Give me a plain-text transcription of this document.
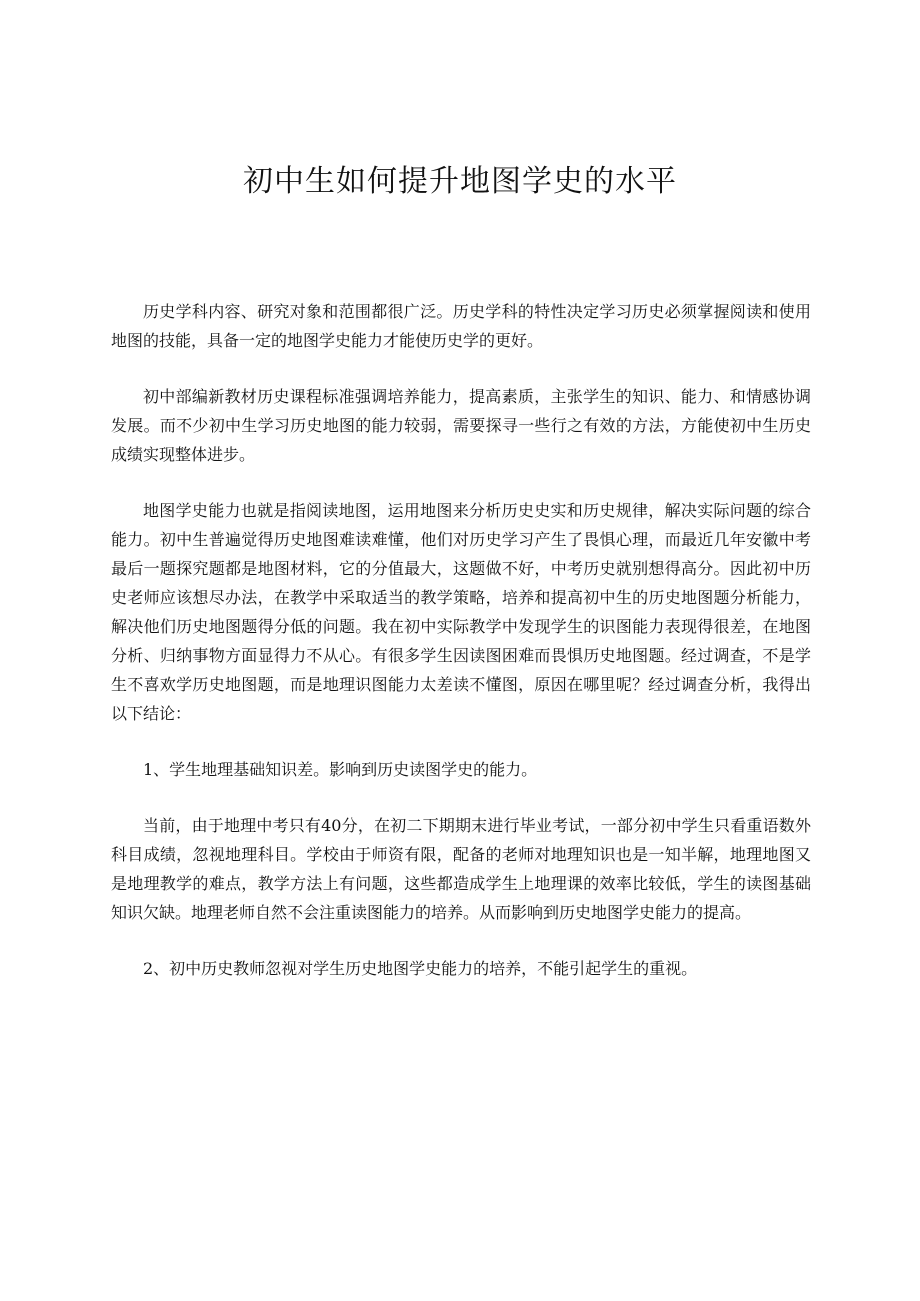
初中生如何提升地图学史的水平

历史学科内容、研究对象和范围都很广泛。历史学科的特性决定学习历史必须掌握阅读和使用地图的技能，具备一定的地图学史能力才能使历史学的更好。

初中部编新教材历史课程标准强调培养能力，提高素质，主张学生的知识、能力、和情感协调发展。而不少初中生学习历史地图的能力较弱，需要探寻一些行之有效的方法，方能使初中生历史成绩实现整体进步。

地图学史能力也就是指阅读地图，运用地图来分析历史史实和历史规律，解决实际问题的综合能力。初中生普遍觉得历史地图难读难懂，他们对历史学习产生了畏惧心理，而最近几年安徽中考最后一题探究题都是地图材料，它的分值最大，这题做不好，中考历史就别想得高分。因此初中历史老师应该想尽办法，在教学中采取适当的教学策略，培养和提高初中生的历史地图题分析能力，解决他们历史地图题得分低的问题。我在初中实际教学中发现学生的识图能力表现得很差，在地图分析、归纳事物方面显得力不从心。有很多学生因读图困难而畏惧历史地图题。经过调查，不是学生不喜欢学历史地图题，而是地理识图能力太差读不懂图，原因在哪里呢？经过调查分析，我得出以下结论：

1、学生地理基础知识差。影响到历史读图学史的能力。

当前，由于地理中考只有40分，在初二下期期末进行毕业考试，一部分初中学生只看重语数外科目成绩，忽视地理科目。学校由于师资有限，配备的老师对地理知识也是一知半解，地理地图又是地理教学的难点，教学方法上有问题，这些都造成学生上地理课的效率比较低，学生的读图基础知识欠缺。地理老师自然不会注重读图能力的培养。从而影响到历史地图学史能力的提高。

2、初中历史教师忽视对学生历史地图学史能力的培养，不能引起学生的重视。
